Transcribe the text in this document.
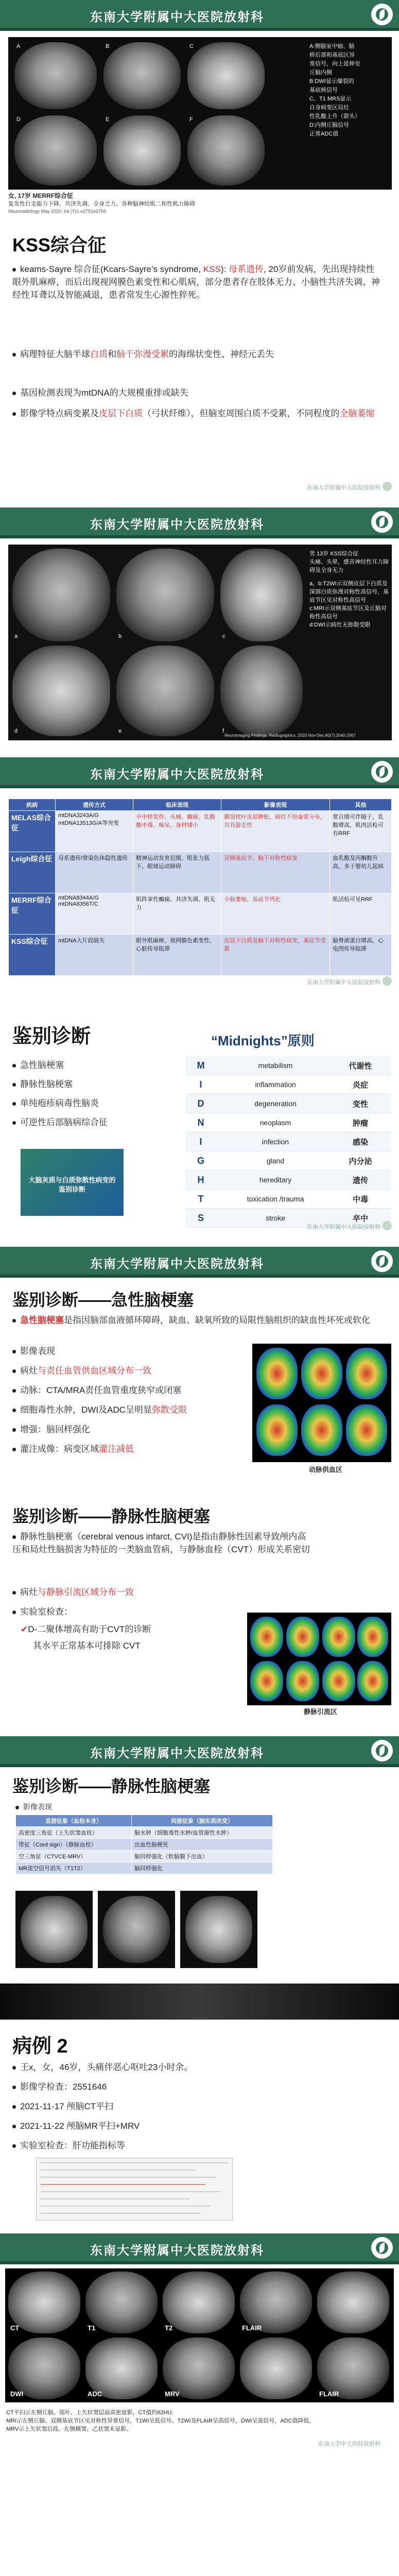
东南大学附属中大医院放射科
A	B	C
D	E	F
A:侧脑室中轴、脑
桥后部和基底区异
常信号，向上延伸至
丘脑内侧
B:DWI显示爆裂的
基底核信号
C、T1 MRS显示
自身病变区局灶
性乳酸上升（箭头）
D:内侧丘脑信号
正常ADC值
女, 17岁 MERRF综合征
复发性行走能力下降、共济失调、全身乏力、各种脑神经肌二和性肌力障碍
Neuroradiology May 2020; 64 (Y)1.e2751e2766
KSS综合征
keams-Sayre 综合征(Kcars-Sayre’s syndrome, KSS): 母系遗传, 20岁前发病，先出现持续性眼外肌麻痹，而后出现视网膜色素变性和心肌病，部分患者存在肢体无力、小脑性共济失调、神经性耳聋以及智能减退，患者常发生心源性猝死。
病理特征大脑半球白质和脑干弥漫受累的海绵状变性、神经元丢失
基因检测表现为mtDNA的大规模重排或缺失
影像学特点病变累及皮层下白质（弓状纤维），但脑室周围白质不受累，不同程度的全脑萎缩
东南大学附属中大医院放射科
东南大学附属中大医院放射科
a	b	c
d	e	f
男 13岁 KSS综合征
头痛、头晕，感音神经性耳力障碍及全身无力
a、b:T2WI示双侧皮层下白质及深部白质弥漫对称性高信号，基底节区见对称性高信号
c:MRI示双侧基底节区及丘脑对称性高信号
d:DWI示病灶无弥散受限
Neuroimaging Findings. Radiographics. 2020 Nov-Dec;40(7):2040-2067
东南大学附属中大医院放射科
疾病	遗传方式	临床表现	影像表现	其他
MELAS综合征	mtDNA3243A/G mtDNA13513G/A等突变	卒中样发作、头痛、癫痫、乳酸酸中毒、痴呆、身材矮小	颞顶枕叶皮层肿胀，病灶不按血管分布，具有游走性	常自缓可伴随于，乳酸增高，肌肉活检可有RRF
Leigh综合征	母系遗传/常染色体隐性遗传	精神运动发育迟缓、肌张力低下、眼球运动障碍	双侧基底节、脑干对称性病变	血乳酸及丙酮酸升高，多于婴幼儿起病
MERRF综合征	mtDNA8344A/G mtDNA8356T/C	肌阵挛性癫痫、共济失调、肌无力	小脑萎缩，基底节钙化	肌活检可见RRF
KSS综合征	mtDNA大片段缺失	眼外肌麻痹、视网膜色素变性、心脏传导阻滞	皮层下白质及脑干对称性病变，基底节受累	脑脊液蛋白增高，心电图传导阻滞
东南大学附属中大医院放射科
鉴别诊断
急性脑梗塞
静脉性脑梗塞
单纯疱疹病毒性脑炎
可逆性后部脑病综合征
大脑灰质与白质弥散性病变的鉴别诊断
“Midnights”原则
M	metabilism	代谢性
I	inflammation	炎症
D	degeneration	变性
N	neoplasm	肿瘤
I	infection	感染
G	gland	内分泌
H	hereditary	遗传
T	toxication /trauma	中毒
S	stroke	卒中
东南大学附属中大医院放射科
东南大学附属中大医院放射科
鉴别诊断——急性脑梗塞
急性脑梗塞是指因脑部血液循环障碍，缺血、缺氧所致的局限性脑组织的缺血性坏死或软化
影像表现
病灶与责任血管供血区域分布一致
动脉：CTA/MRA责任血管重度狭窄或闭塞
细胞毒性水肿，DWI及ADC呈明显弥散受限
增强：脑回样强化
灌注成像：病变区域灌注减低
动脉供血区
鉴别诊断——静脉性脑梗塞
静脉性脑梗塞（cerebral venous infarct, CVI)是指由静脉性因素导致颅内高压和局灶性脑损害为特征的一类脑血管病，与静脉血栓（CVT）形成关系密切
病灶与静脉引流区域分布一致
实验室检查：
✔D-二聚体增高有助于CVT的诊断
其水平正常基本可排除 CVT
静脉引流区
东南大学附属中大医院放射科
鉴别诊断——静脉性脑梗塞
影像表现
直接征象（血栓本身）	间接征象（脑实质改变）
高密度三角征（上矢状窦血栓）	脑水肿（细胞毒性水肿/血管源性水肿）
带征（Cord sign）（静脉血栓）	出血性脑梗死
空三角征（CTVCE-MRV）	脑回样强化（软脑膜下出血）
MR流空信号消失（T1T2）	脑回样强化
病例 2
王x，女，46岁，头痛伴恶心呕吐23小时余。
影像学检查：2551646
2021-11-17 颅脑CT平扫
2021-11-22 颅脑MR平扫+MRV
实验室检查：肝功能指标等
东南大学附属中大医院放射科
CT	T1	T2	FLAIR
DWI	ADC	MRV	FLAIR
CT平扫示左侧丘脑、尾叶、上矢状窦层面高密度影，CT值约62HU;
MRI示左侧丘脑、双侧基底节区见对称性异常信号，T1WI呈低信号、T2WI及FLAIR呈高信号，DWI呈高信号，ADC值降低,
MRV示上矢状窦后段、左侧横窦、乙状窦未显影。
东南大学中大医院放射科
